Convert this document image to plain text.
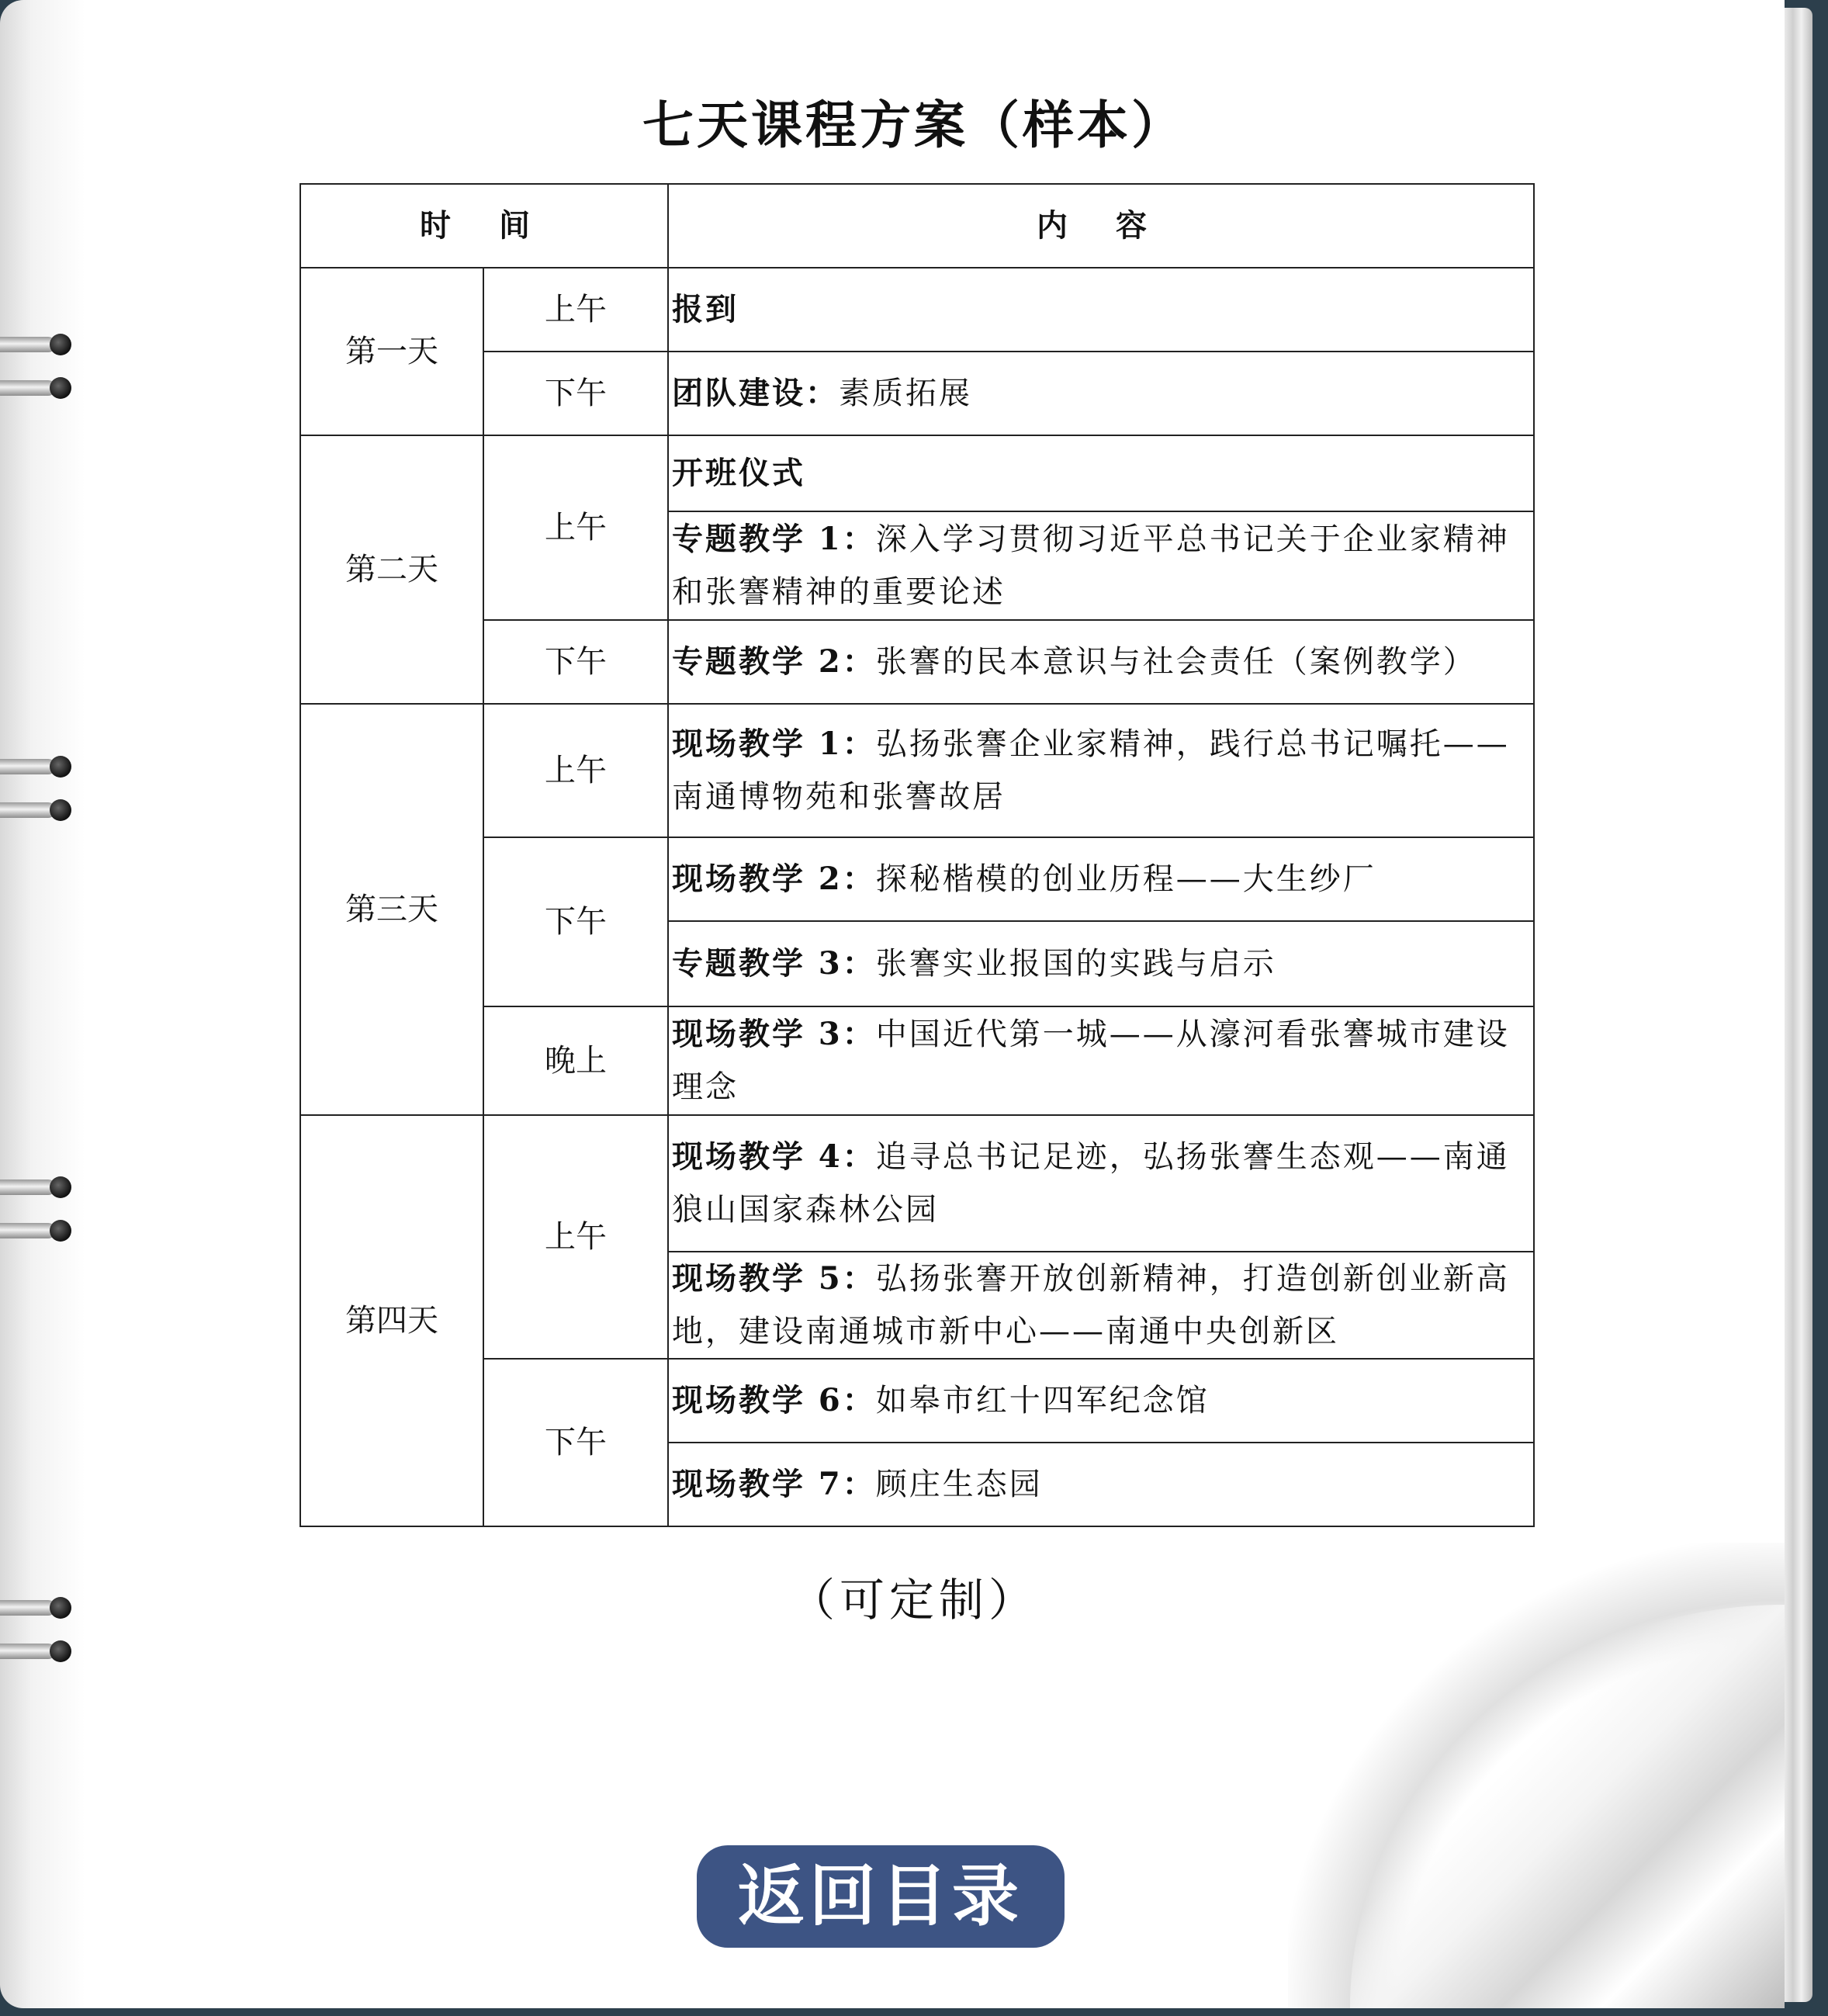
七天课程方案（样本）
时 间		内 容
第一天	上午	报到
	下午	团队建设：素质拓展
第二天	上午	开班仪式
		专题教学 1：深入学习贯彻习近平总书记关于企业家精神和张謇精神的重要论述
	下午	专题教学 2：张謇的民本意识与社会责任（案例教学）
第三天	上午	现场教学 1：弘扬张謇企业家精神，践行总书记嘱托——南通博物苑和张謇故居
	下午	现场教学 2：探秘楷模的创业历程——大生纱厂
		专题教学 3：张謇实业报国的实践与启示
	晚上	现场教学 3：中国近代第一城——从濠河看张謇城市建设理念
第四天	上午	现场教学 4：追寻总书记足迹，弘扬张謇生态观——南通狼山国家森林公园
		现场教学 5：弘扬张謇开放创新精神，打造创新创业新高地，建设南通城市新中心——南通中央创新区
	下午	现场教学 6：如皋市红十四军纪念馆
		现场教学 7：顾庄生态园
（可定制）
返回目录
